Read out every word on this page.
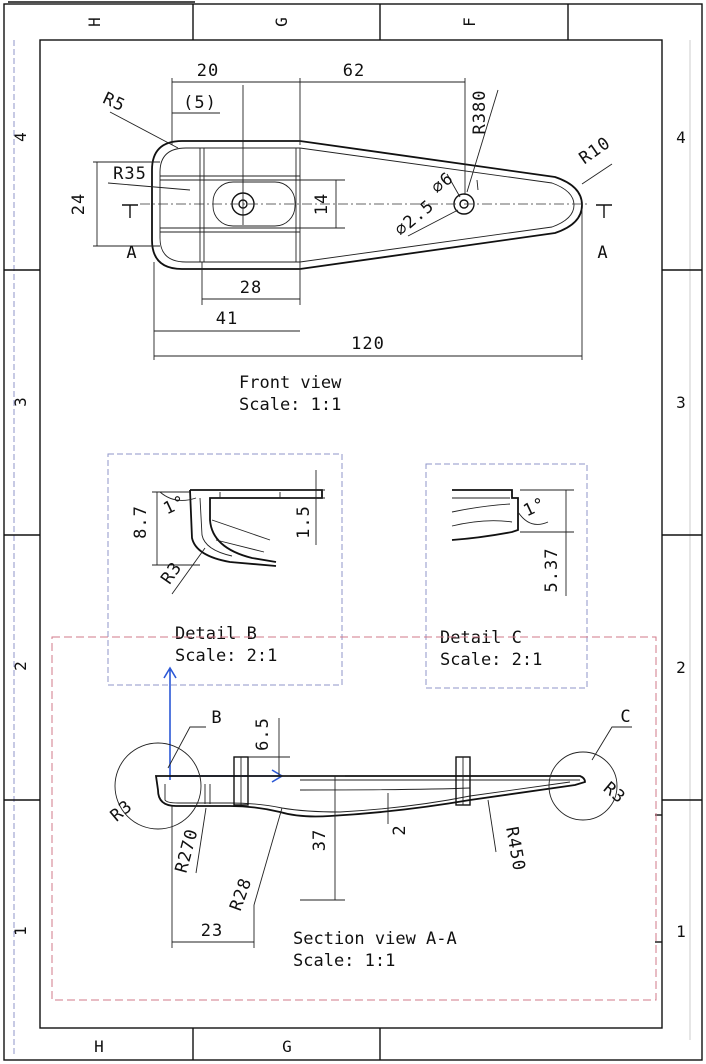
H	G	F
H	G
4
3
2
1
4
3
2
1
20	62
R5	(5)	R380
R35
24	14
⌀6
⌀2.5
R10
28
41
120
A	A
Front view
Scale: 1:1
8.7	1.5
1°
R3
Detail B
Scale: 2:1
1°
5.37
Detail C
Scale: 2:1
B	C
6.5
R3
R3
R270	37	2	R450
R28
23	Section view A-A
Scale: 1:1
